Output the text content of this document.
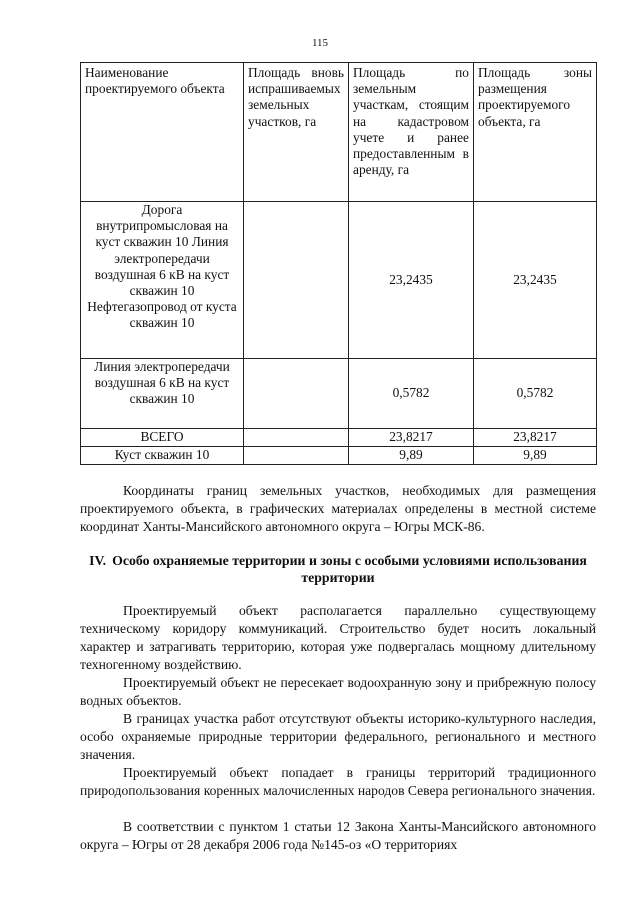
115
Наименование проектируемого объекта	Площадь вновь испрашиваемых земельных участков, га	Площадь по земельным участкам, стоящим на кадастровом учете и ранее предоставленным в аренду, га	Площадь зоны размещения проектируемого объекта, га
Дорога внутрипромысловая на куст скважин 10 Линия электропередачи воздушная 6 кВ на куст скважин 10 Нефтегазопровод от куста скважин 10		23,2435	23,2435
Линия электропередачи воздушная 6 кВ на куст скважин 10		0,5782	0,5782
ВСЕГО		23,8217	23,8217
Куст скважин 10		9,89	9,89

Координаты границ земельных участков, необходимых для размещения проектируемого объекта, в графических материалах определены в местной системе координат Ханты-Мансийского автономного округа – Югры МСК-86.

IV. Особо охраняемые территории и зоны с особыми условиями использования территории

Проектируемый объект располагается параллельно существующему техническому коридору коммуникаций. Строительство будет носить локальный характер и затрагивать территорию, которая уже подвергалась мощному длительному техногенному воздействию.

Проектируемый объект не пересекает водоохранную зону и прибрежную полосу водных объектов.

В границах участка работ отсутствуют объекты историко-культурного наследия, особо охраняемые природные территории федерального, регионального и местного значения.

Проектируемый объект попадает в границы территорий традиционного природопользования коренных малочисленных народов Севера регионального значения.

В соответствии с пунктом 1 статьи 12 Закона Ханты-Мансийского автономного округа – Югры от 28 декабря 2006 года №145-оз «О территориях
